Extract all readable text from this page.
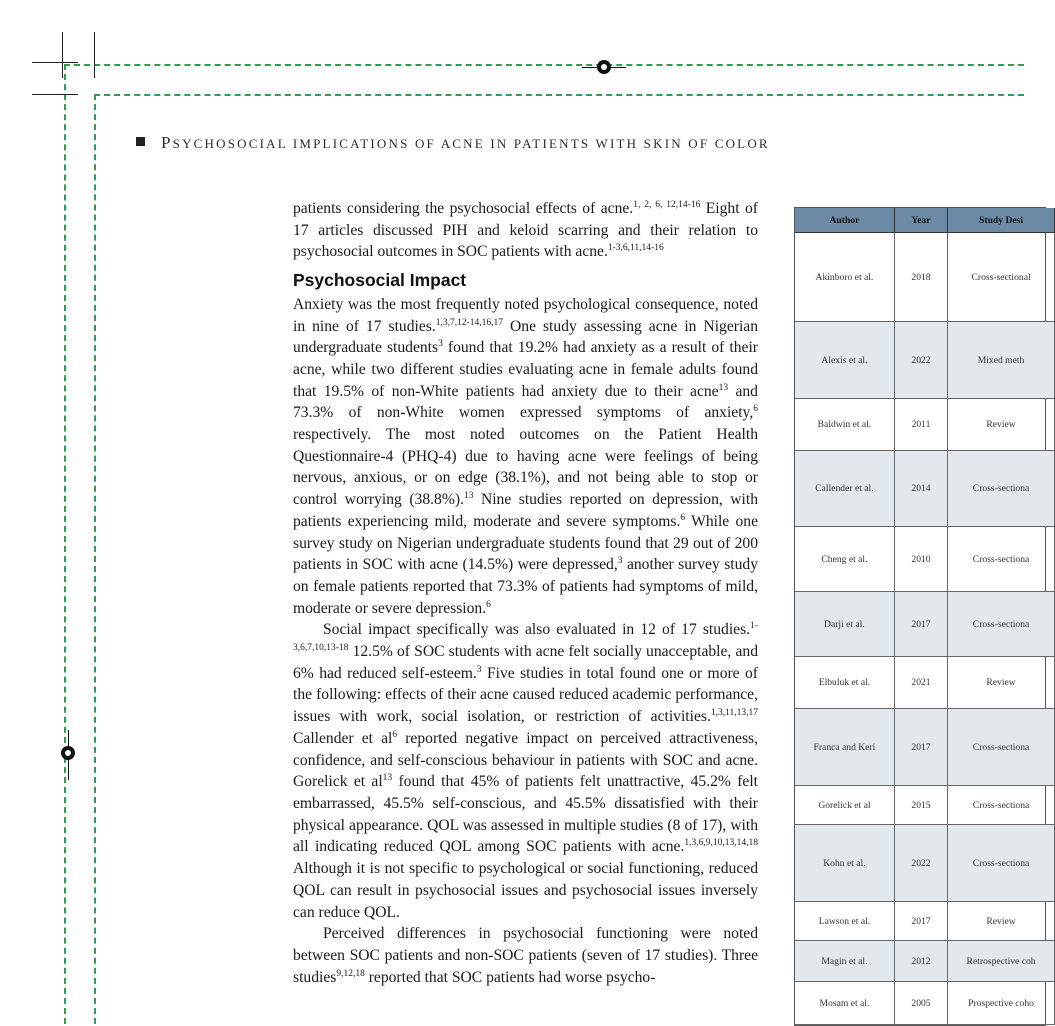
PSYCHOSOCIAL IMPLICATIONS OF ACNE IN PATIENTS WITH SKIN OF COLOR

patients considering the psychosocial effects of acne.$^{1, 2, 6, 12,14-16}$ Eight of 17 articles discussed PIH and keloid scarring and their relation to psychosocial outcomes in SOC patients with acne.$^{1-3,6,11,14-16}$

Psychosocial Impact

Anxiety was the most frequently noted psychological consequence, noted in nine of 17 studies.$^{1,3,7,12-14,16,17}$ One study assessing acne in Nigerian undergraduate students$^3$ found that 19.2% had anxiety as a result of their acne, while two different studies evaluating acne in female adults found that 19.5% of non-White patients had anxiety due to their acne$^{13}$ and 73.3% of non-White women expressed symptoms of anxiety,$^6$ respectively. The most noted outcomes on the Patient Health Questionnaire-4 (PHQ-4) due to having acne were feelings of being nervous, anxious, or on edge (38.1%), and not being able to stop or control worrying (38.8%).$^{13}$ Nine studies reported on depression, with patients experiencing mild, moderate and severe symptoms.$^6$ While one survey study on Nigerian undergraduate students found that 29 out of 200 patients in SOC with acne (14.5%) were depressed,$^3$ another survey study on female patients reported that 73.3% of patients had symptoms of mild, moderate or severe depression.$^6$

Social impact specifically was also evaluated in 12 of 17 studies.$^{1-3,6,7,10,13-18}$ 12.5% of SOC students with acne felt socially unacceptable, and 6% had reduced self-esteem.$^3$ Five studies in total found one or more of the following: effects of their acne caused reduced academic performance, issues with work, social isolation, or restriction of activities.$^{1,3,11,13,17}$ Callender et $al^6$ reported negative impact on perceived attractiveness, confidence, and self-conscious behaviour in patients with SOC and acne. Gorelick et $al^{13}$ found that 45% of patients felt unattractive, 45.2% felt embarrassed, 45.5% self-conscious, and 45.5% dissatisfied with their physical appearance. QOL was assessed in multiple studies (8 of 17), with all indicating reduced QOL among SOC patients with acne.$^{1,3,6,9,10,13,14,18}$ Although it is not specific to psychological or social functioning, reduced QOL can result in psychosocial issues and psychosocial issues inversely can reduce QOL.

Perceived differences in psychosocial functioning were noted between SOC patients and non-SOC patients (seven of 17 studies). Three studies$^{9,12,18}$ reported that SOC patients had worse psycho-

Author	Year	Study Desi
Akinboro et al.	2018	Cross-sectional
Alexis et al.	2022	Mixed meth
Baldwin et al.	2011	Review
Callender et al.	2014	Cross-sectiona
Cheng et al.	2010	Cross-sectiona
Darji et al.	2017	Cross-sectiona
Elbuluk et al.	2021	Review
Franca and Keri	2017	Cross-sectiona
Gorelick et al	2015	Cross-sectiona
Kohn et al.	2022	Cross-sectiona
Lawson et al.	2017	Review
Magin et al.	2012	Retrospective coh
Mosam et al.	2005	Prospective coho
